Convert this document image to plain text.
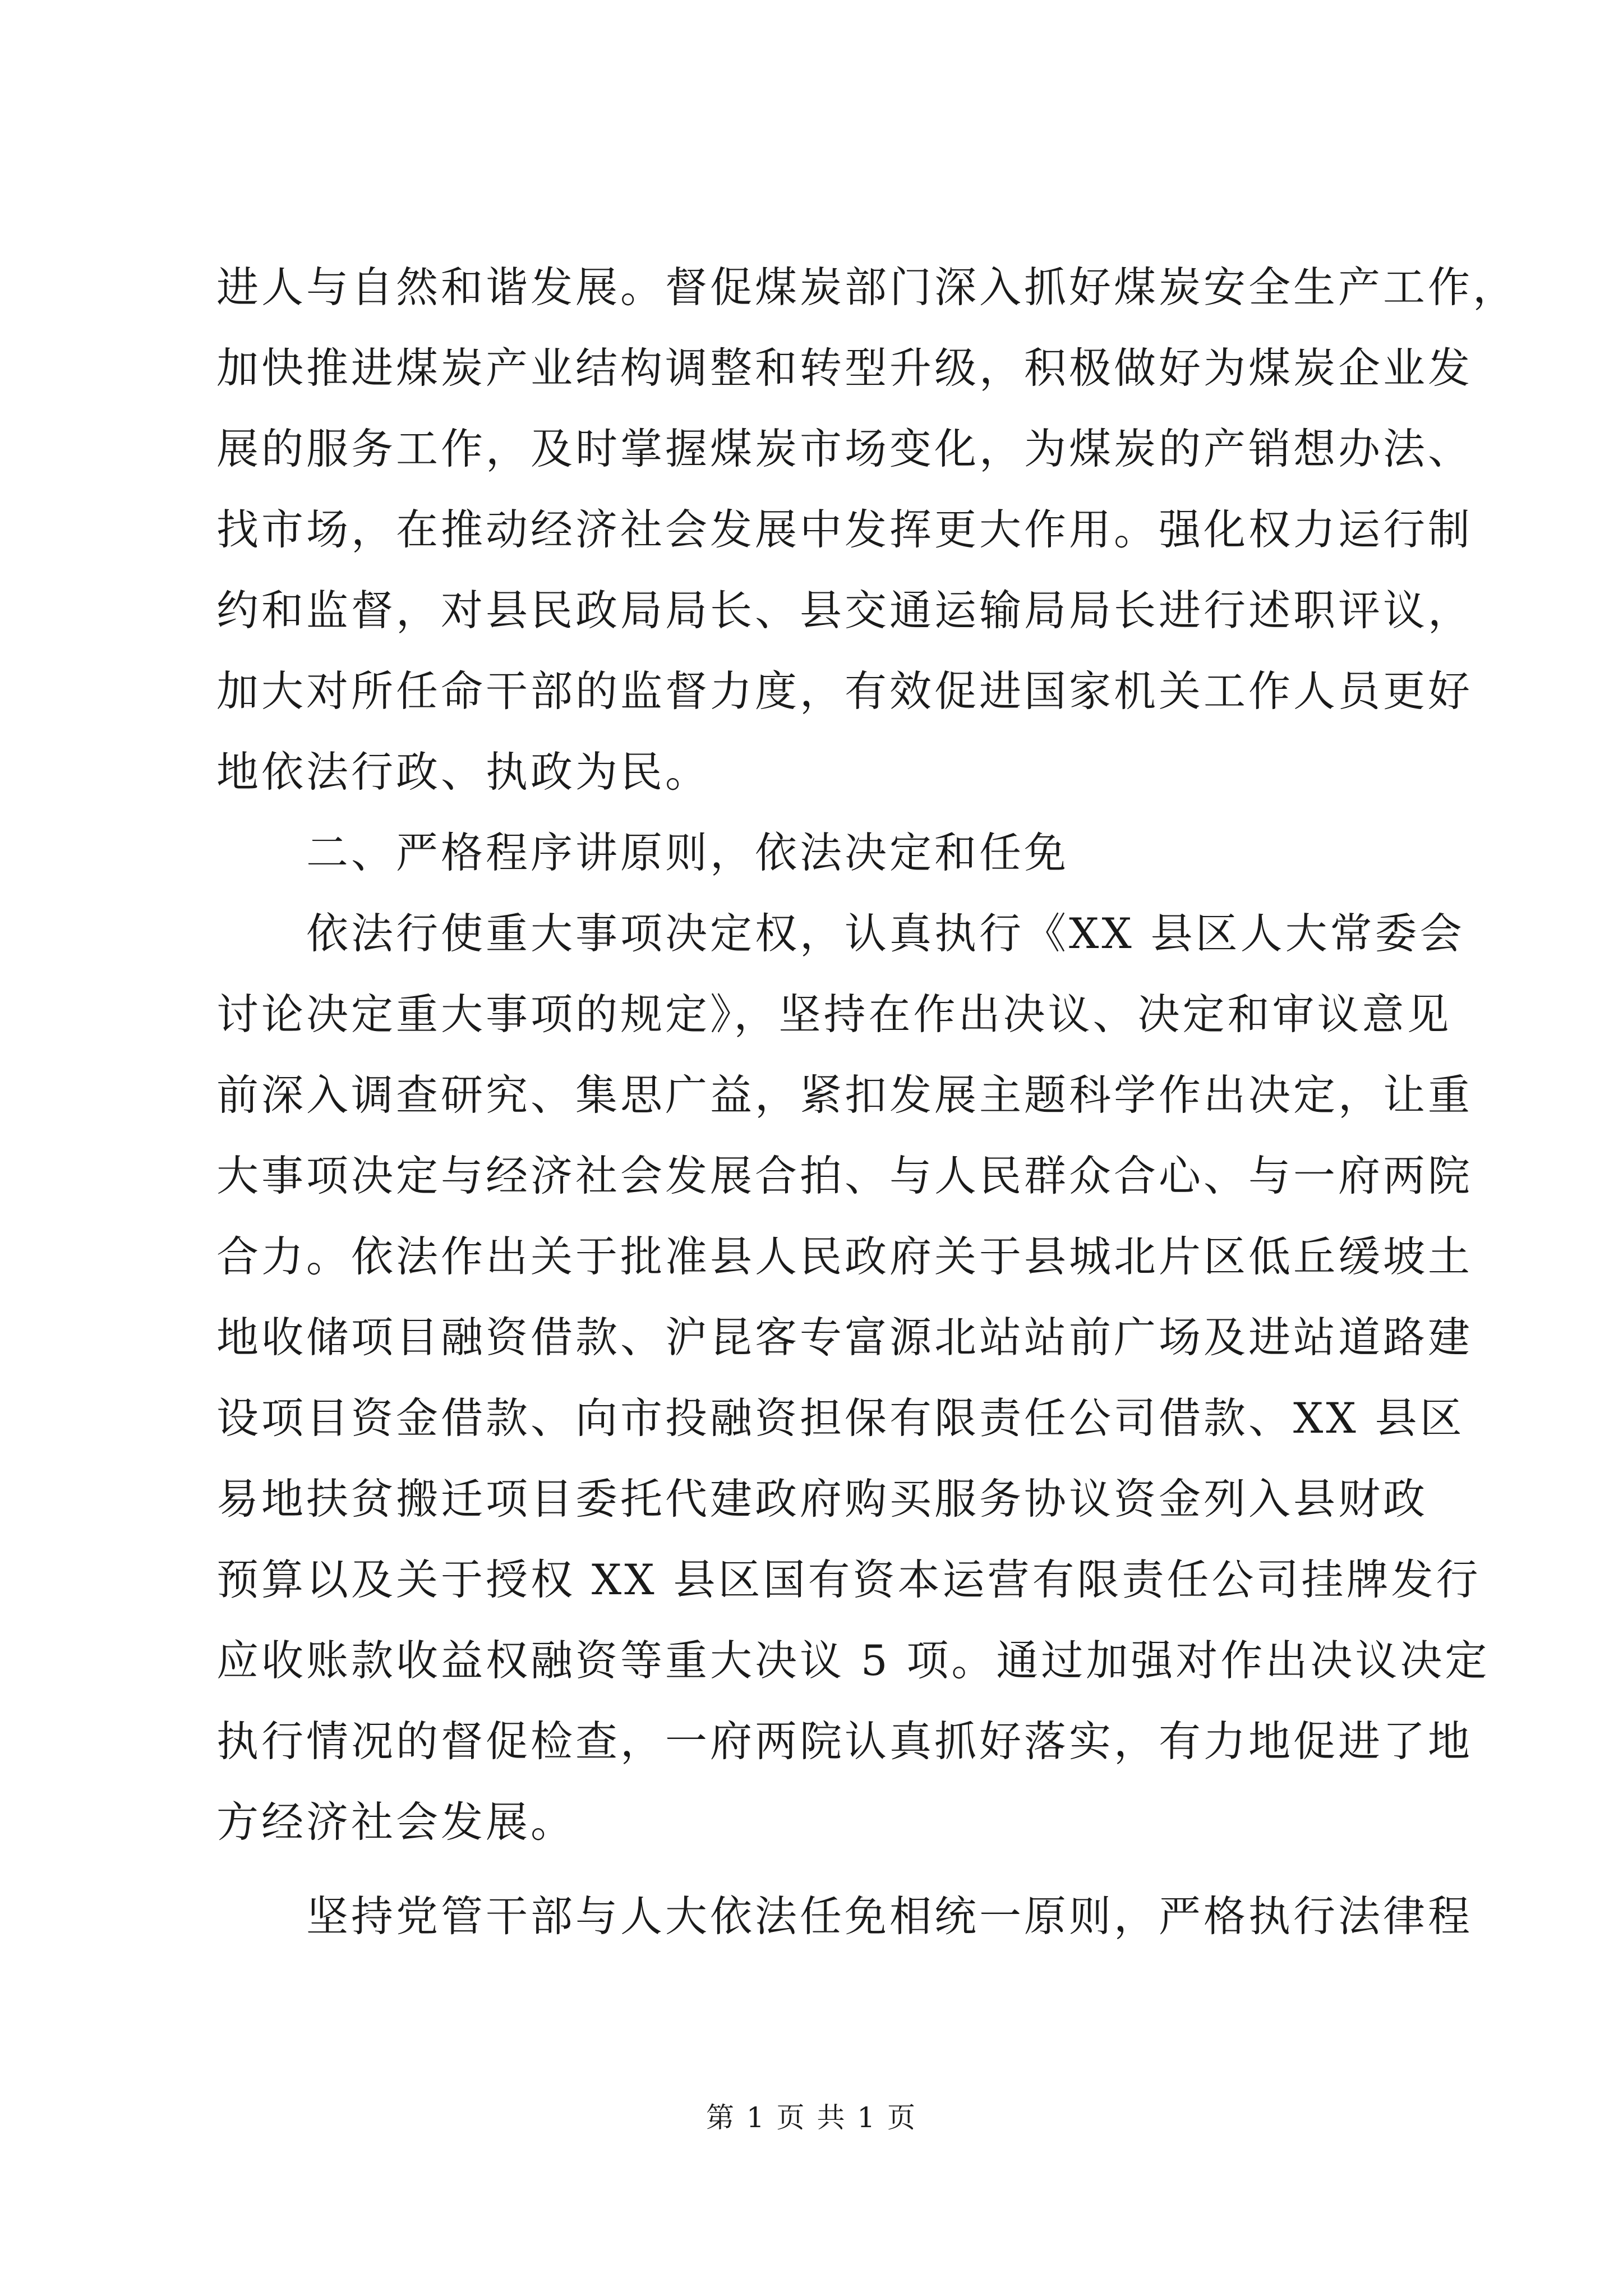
进人与自然和谐发展。督促煤炭部门深入抓好煤炭安全生产工作，
加快推进煤炭产业结构调整和转型升级，积极做好为煤炭企业发
展的服务工作，及时掌握煤炭市场变化，为煤炭的产销想办法、
找市场，在推动经济社会发展中发挥更大作用。强化权力运行制
约和监督，对县民政局局长、县交通运输局局长进行述职评议，
加大对所任命干部的监督力度，有效促进国家机关工作人员更好
地依法行政、执政为民。
二、严格程序讲原则，依法决定和任免
依法行使重大事项决定权，认真执行《XX 县区人大常委会
讨论决定重大事项的规定》，坚持在作出决议、决定和审议意见
前深入调查研究、集思广益，紧扣发展主题科学作出决定，让重
大事项决定与经济社会发展合拍、与人民群众合心、与一府两院
合力。依法作出关于批准县人民政府关于县城北片区低丘缓坡土
地收储项目融资借款、沪昆客专富源北站站前广场及进站道路建
设项目资金借款、向市投融资担保有限责任公司借款、XX 县区
易地扶贫搬迁项目委托代建政府购买服务协议资金列入县财政
预算以及关于授权 XX 县区国有资本运营有限责任公司挂牌发行
应收账款收益权融资等重大决议 5 项。通过加强对作出决议决定
执行情况的督促检查，一府两院认真抓好落实，有力地促进了地
方经济社会发展。
坚持党管干部与人大依法任免相统一原则，严格执行法律程
第 1 页 共 1 页
